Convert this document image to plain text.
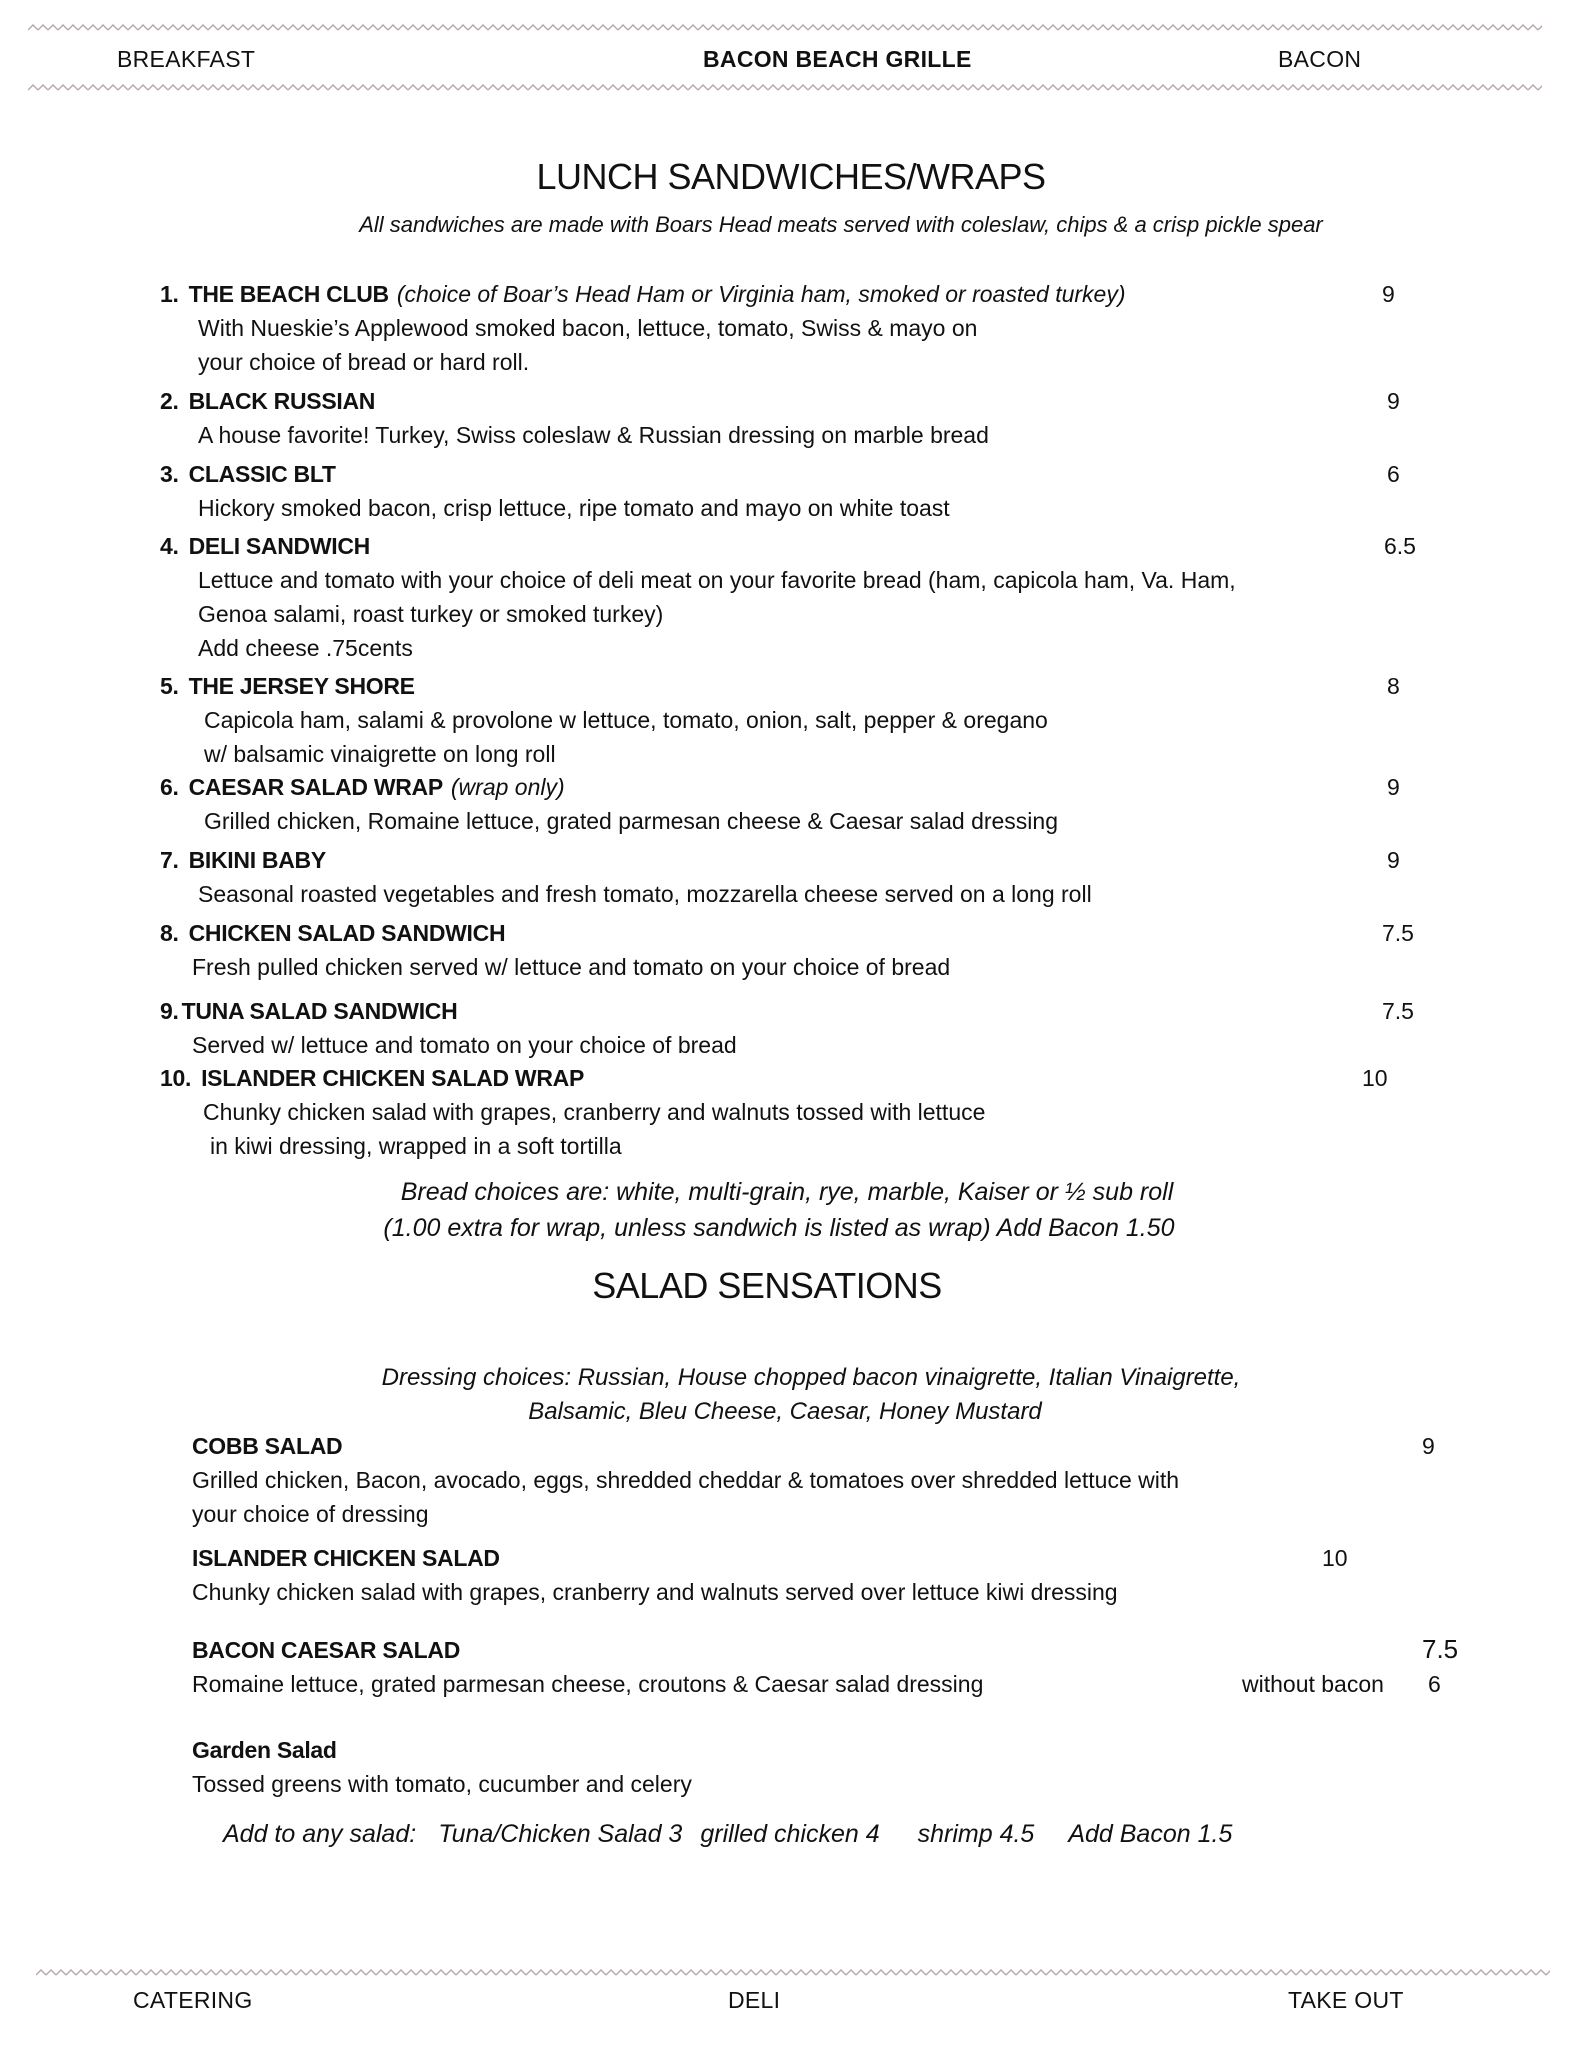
BREAKFAST	BACON BEACH GRILLE	BACON
LUNCH SANDWICHES/WRAPS
All sandwiches are made with Boars Head meats served with coleslaw, chips & a crisp pickle spear
1. THE BEACH CLUB (choice of Boar’s Head Ham or Virginia ham, smoked or roasted turkey)	9
With Nueskie’s Applewood smoked bacon, lettuce, tomato, Swiss & mayo on
your choice of bread or hard roll.
2. BLACK RUSSIAN	9
A house favorite! Turkey, Swiss coleslaw & Russian dressing on marble bread
3. CLASSIC BLT	6
Hickory smoked bacon, crisp lettuce, ripe tomato and mayo on white toast
4. DELI SANDWICH	6.5
Lettuce and tomato with your choice of deli meat on your favorite bread (ham, capicola ham, Va. Ham,
Genoa salami, roast turkey or smoked turkey)
Add cheese .75cents
5. THE JERSEY SHORE	8
Capicola ham, salami & provolone w lettuce, tomato, onion, salt, pepper & oregano
w/ balsamic vinaigrette on long roll
6. CAESAR SALAD WRAP (wrap only)	9
Grilled chicken, Romaine lettuce, grated parmesan cheese & Caesar salad dressing
7. BIKINI BABY	9
Seasonal roasted vegetables and fresh tomato, mozzarella cheese served on a long roll
8. CHICKEN SALAD SANDWICH	7.5
Fresh pulled chicken served w/ lettuce and tomato on your choice of bread
9. TUNA SALAD SANDWICH	7.5
Served w/ lettuce and tomato on your choice of bread
10. ISLANDER CHICKEN SALAD WRAP	10
Chunky chicken salad with grapes, cranberry and walnuts tossed with lettuce
in kiwi dressing, wrapped in a soft tortilla
Bread choices are: white, multi-grain, rye, marble, Kaiser or ½ sub roll
(1.00 extra for wrap, unless sandwich is listed as wrap) Add Bacon 1.50
SALAD SENSATIONS
Dressing choices: Russian, House chopped bacon vinaigrette, Italian Vinaigrette,
Balsamic, Bleu Cheese, Caesar, Honey Mustard
COBB SALAD	9
Grilled chicken, Bacon, avocado, eggs, shredded cheddar & tomatoes over shredded lettuce with
your choice of dressing
ISLANDER CHICKEN SALAD	10
Chunky chicken salad with grapes, cranberry and walnuts served over lettuce kiwi dressing
BACON CAESAR SALAD	7.5
Romaine lettuce, grated parmesan cheese, croutons & Caesar salad dressing	without bacon 6
Garden Salad
Tossed greens with tomato, cucumber and celery
Add to any salad: Tuna/Chicken Salad 3 grilled chicken 4 shrimp 4.5 Add Bacon 1.5
CATERING	DELI	TAKE OUT
